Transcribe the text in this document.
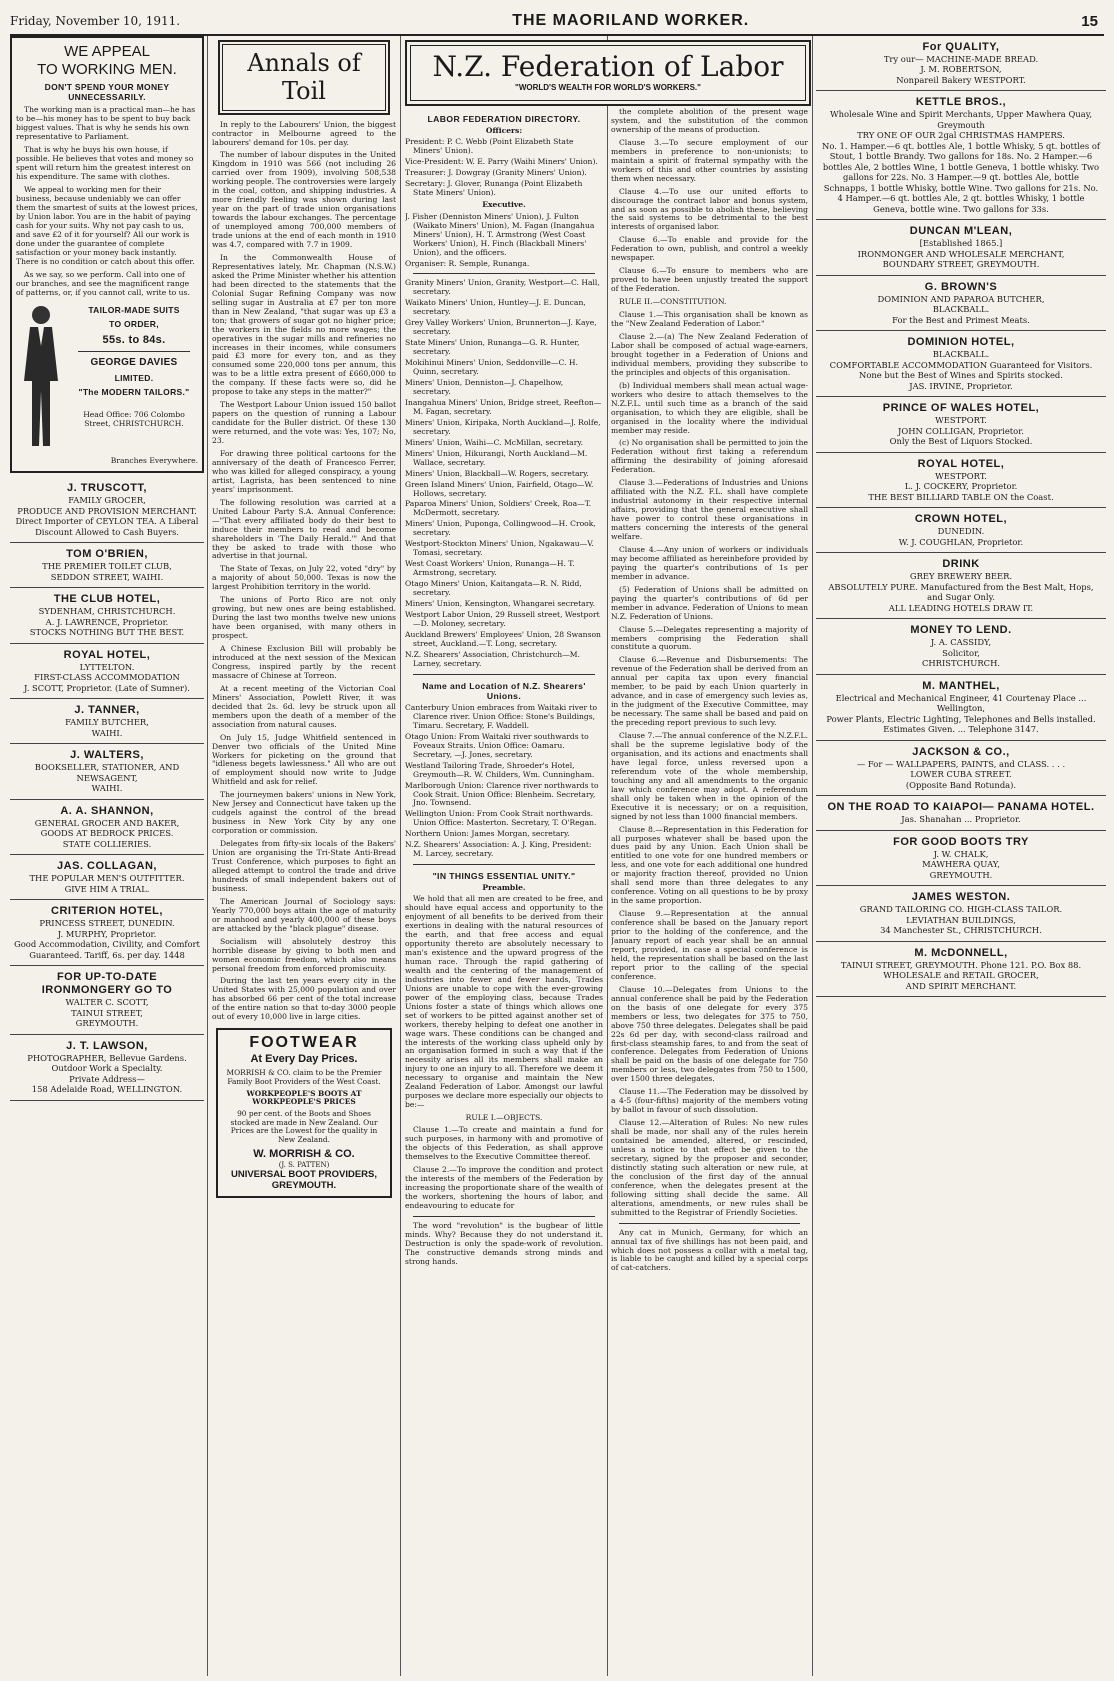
Friday, November 10, 1911.	THE MAORILAND WORKER.	15
WE APPEAL
TO WORKING MEN.
DON'T SPEND YOUR MONEY UNNECESSARILY.

The working man is a practical man—he has to be—his money has to be spent to buy back biggest values. That is why he sends his own representative to Parliament.

That is why he buys his own house, if possible. He believes that votes and money so spent will return him the greatest interest on his expenditure. The same with clothes.

We appeal to working men for their business, because undeniably we can offer them the smartest of suits at the lowest prices, by Union labor. You are in the habit of paying cash for your suits. Why not pay cash to us, and save £2 of it for yourself? All our work is done under the guarantee of complete satisfaction or your money back instantly. There is no condition or catch about this offer.

As we say, so we perform. Call into one of our branches, and see the magnificent range of patterns, or, if you cannot call, write to us.

TAILOR-MADE SUITS
TO ORDER,
55s. to 84s.
GEORGE DAVIES
LIMITED.
"The MODERN TAILORS."
Head Office: 706 Colombo Street, CHRISTCHURCH.
Branches Everywhere.
J. TRUSCOTT,
FAMILY GROCER,
PRODUCE AND PROVISION MERCHANT.
Direct Importer of CEYLON TEA. A Liberal Discount Allowed to Cash Buyers.
TOM O'BRIEN,
THE PREMIER TOILET CLUB,
SEDDON STREET, WAIHI.
THE CLUB HOTEL,
SYDENHAM, CHRISTCHURCH.
A. J. LAWRENCE, Proprietor.
STOCKS NOTHING BUT THE BEST.
ROYAL HOTEL,
LYTTELTON.
FIRST-CLASS ACCOMMODATION
J. SCOTT, Proprietor. (Late of Sumner).
J. TANNER,
FAMILY BUTCHER,
WAIHI.
J. WALTERS,
BOOKSELLER, STATIONER, AND NEWSAGENT,
WAIHI.
A. A. SHANNON,
GENERAL GROCER AND BAKER,
GOODS AT BEDROCK PRICES.
STATE COLLIERIES.
JAS. COLLAGAN,
THE POPULAR MEN'S OUTFITTER.
GIVE HIM A TRIAL.
CRITERION HOTEL,
PRINCESS STREET, DUNEDIN.
J. MURPHY, Proprietor.
Good Accommodation, Civility, and Comfort Guaranteed. Tariff, 6s. per day. 1448
FOR UP-TO-DATE IRONMONGERY GO TO
WALTER C. SCOTT,
TAINUI STREET,
GREYMOUTH.
J. T. LAWSON,
PHOTOGRAPHER, Bellevue Gardens. Outdoor Work a Specialty.
Private Address—
158 Adelaide Road, WELLINGTON.
Annals of Toil

In reply to the Labourers' Union, the biggest contractor in Melbourne agreed to the labourers' demand for 10s. per day.

The number of labour disputes in the United Kingdom in 1910 was 566 (not including 26 carried over from 1909), involving 508,538 working people. The controversies were largely in the coal, cotton, and shipping industries. A more friendly feeling was shown during last year on the part of trade union organisations towards the labour exchanges. The percentage of unemployed among 700,000 members of trade unions at the end of each month in 1910 was 4.7, compared with 7.7 in 1909.

In the Commonwealth House of Representatives lately, Mr. Chapman (N.S.W.) asked the Prime Minister whether his attention had been directed to the statements that the Colonial Sugar Refining Company was now selling sugar in Australia at £7 per ton more than in New Zealand, "that sugar was up £3 a ton; that growers of sugar got no higher price; the workers in the fields no more wages; the operatives in the sugar mills and refineries no increases in their incomes, while consumers paid £3 more for every ton, and as they consumed some 220,000 tons per annum, this was to be a little extra present of £660,000 to the company. If these facts were so, did he propose to take any steps in the matter?"

The Westport Labour Union issued 150 ballot papers on the question of running a Labour candidate for the Buller district. Of these 130 were returned, and the vote was: Yes, 107; No, 23.

For drawing three political cartoons for the anniversary of the death of Francesco Ferrer, who was killed for alleged conspiracy, a young artist, Lagrista, has been sentenced to nine years' imprisonment.

The following resolution was carried at a United Labour Party S.A. Annual Conference:—"That every affiliated body do their best to induce their members to read and become shareholders in 'The Daily Herald.'" And that they be asked to trade with those who advertise in that journal.

The State of Texas, on July 22, voted "dry" by a majority of about 50,000. Texas is now the largest Prohibition territory in the world.

The unions of Porto Rico are not only growing, but new ones are being established. During the last two months twelve new unions have been organised, with many others in prospect.

A Chinese Exclusion Bill will probably be introduced at the next session of the Mexican Congress, inspired partly by the recent massacre of Chinese at Torreon.

At a recent meeting of the Victorian Coal Miners' Association, Powlett River, it was decided that 2s. 6d. levy be struck upon all members upon the death of a member of the association from natural causes.

On July 15, Judge Whitfield sentenced in Denver two officials of the United Mine Workers for picketing on the ground that "idleness begets lawlessness." All who are out of employment should now write to Judge Whitfield and ask for relief.

The journeymen bakers' unions in New York, New Jersey and Connecticut have taken up the cudgels against the control of the bread business in New York City by any one corporation or commission.

Delegates from fifty-six locals of the Bakers' Union are organising the Tri-State Anti-Bread Trust Conference, which purposes to fight an alleged attempt to control the trade and drive hundreds of small independent bakers out of business.

The American Journal of Sociology says: Yearly 770,000 boys attain the age of maturity or manhood and yearly 400,000 of these boys are attacked by the "black plague" disease.

Socialism will absolutely destroy this horrible disease by giving to both men and women economic freedom, which also means personal freedom from enforced promiscuity.

During the last ten years every city in the United States with 25,000 population and over has absorbed 66 per cent of the total increase of the entire nation so that to-day 3000 people out of every 10,000 live in large cities.

FOOTWEAR
At Every Day Prices.
MORRISH & CO. claim to be the Premier Family Boot Providers of the West Coast.
WORKPEOPLE'S BOOTS AT WORKPEOPLE'S PRICES
90 per cent. of the Boots and Shoes stocked are made in New Zealand. Our Prices are the Lowest for the quality in New Zealand.
W. MORRISH & CO.
(J. S. PATTEN)
UNIVERSAL BOOT PROVIDERS,
GREYMOUTH.
N.Z. Federation of Labor
"WORLD'S WEALTH FOR WORLD'S WORKERS."
LABOR FEDERATION DIRECTORY.
Officers:

President: P. C. Webb (Point Elizabeth State Miners' Union).

Vice-President: W. E. Parry (Waihi Miners' Union).

Treasurer: J. Dowgray (Granity Miners' Union).

Secretary: J. Glover, Runanga (Point Elizabeth State Miners' Union).

Executive.

J. Fisher (Denniston Miners' Union), J. Fulton (Waikato Miners' Union), M. Fagan (Inangahua Miners' Union), H. T. Armstrong (West Coast Workers' Union), H. Finch (Blackball Miners' Union), and the officers.

Organiser: R. Semple, Runanga.

Granity Miners' Union, Granity, Westport—C. Hall, secretary.

Waikato Miners' Union, Huntley—J. E. Duncan, secretary.

Grey Valley Workers' Union, Brunnerton—J. Kaye, secretary.

State Miners' Union, Runanga—G. R. Hunter, secretary.

Mokihinui Miners' Union, Seddonville—C. H. Quinn, secretary.

Miners' Union, Denniston—J. Chapelhow, secretary.

Inangahua Miners' Union, Bridge street, Reefton—M. Fagan, secretary.

Miners' Union, Kiripaka, North Auckland—J. Rolfe, secretary.

Miners' Union, Waihi—C. McMillan, secretary.

Miners' Union, Hikurangi, North Auckland—M. Wallace, secretary.

Miners' Union, Blackball—W. Rogers, secretary.

Green Island Miners' Union, Fairfield, Otago—W. Hollows, secretary.

Paparoa Miners' Union, Soldiers' Creek, Roa—T. McDermott, secretary.

Miners' Union, Puponga, Collingwood—H. Crook, secretary.

Westport-Stockton Miners' Union, Ngakawau—V. Tomasi, secretary.

West Coast Workers' Union, Runanga—H. T. Armstrong, secretary.

Otago Miners' Union, Kaitangata—R. N. Ridd, secretary.

Miners' Union, Kensington, Whangarei secretary.

Westport Labor Union, 29 Russell street, Westport—D. Moloney, secretary.

Auckland Brewers' Employees' Union, 28 Swanson street, Auckland.—T. Long, secretary.

N.Z. Shearers' Association, Christchurch—M. Larney, secretary.

Name and Location of N.Z. Shearers' Unions.

Canterbury Union embraces from Waitaki river to Clarence river. Union Office: Stone's Buildings, Timaru. Secretary, F. Waddell.

Otago Union: From Waitaki river southwards to Foveaux Straits. Union Office: Oamaru. Secretary, —J. Jones, secretary.

Westland Tailoring Trade, Shroeder's Hotel, Greymouth—R. W. Childers, Wm. Cunningham.

Marlborough Union: Clarence river northwards to Cook Strait. Union Office: Blenheim. Secretary, Jno. Townsend.

Wellington Union: From Cook Strait northwards. Union Office: Masterton. Secretary, T. O'Regan.

Northern Union: James Morgan, secretary.

N.Z. Shearers' Association: A. J. King, President: M. Larcey, secretary.

"IN THINGS ESSENTIAL UNITY."
Preamble.

We hold that all men are created to be free, and should have equal access and opportunity to the enjoyment of all benefits to be derived from their exertions in dealing with the natural resources of the earth, and that free access and equal opportunity thereto are absolutely necessary to man's existence and the upward progress of the human race. Through the rapid gathering of wealth and the centering of the management of industries into fewer and fewer hands, Trades Unions are unable to cope with the ever-growing power of the employing class, because Trades Unions foster a state of things which allows one set of workers to be pitted against another set of workers, thereby helping to defeat one another in wage wars. These conditions can be changed and the interests of the working class upheld only by an organisation formed in such a way that if the necessity arises all its members shall make an injury to one an injury to all. Therefore we deem it necessary to organise and maintain the New Zealand Federation of Labor. Amongst our lawful purposes we declare more especially our objects to be:—

RULE I.—OBJECTS.

Clause 1.—To create and maintain a fund for such purposes, in harmony with and promotive of the objects of this Federation, as shall approve themselves to the Executive Committee thereof.

Clause 2.—To improve the condition and protect the interests of the members of the Federation by increasing the proportionate share of the wealth of the workers, shortening the hours of labor, and endeavouring to educate for

The word "revolution" is the bugbear of little minds. Why? Because they do not understand it. Destruction is only the spade-work of revolution. The constructive demands strong minds and strong hands.

the complete abolition of the present wage system, and the substitution of the common ownership of the means of production.

Clause 3.—To secure employment of our members in preference to non-unionists; to maintain a spirit of fraternal sympathy with the workers of this and other countries by assisting them when necessary.

Clause 4.—To use our united efforts to discourage the contract labor and bonus system, and as soon as possible to abolish these, believing the said systems to be detrimental to the best interests of organised labor.

Clause 6.—To enable and provide for the Federation to own, publish, and control a weekly newspaper.

Clause 6.—To ensure to members who are proved to have been unjustly treated the support of the Federation.

RULE II.—CONSTITUTION.

Clause 1.—This organisation shall be known as the "New Zealand Federation of Labor."

Clause 2.—(a) The New Zealand Federation of Labor shall be composed of actual wage-earners, brought together in a Federation of Unions and individual members, providing they subscribe to the principles and objects of this organisation.

(b) Individual members shall mean actual wage-workers who desire to attach themselves to the N.Z.F.L. until such time as a branch of the said organisation, to which they are eligible, shall be organised in the locality where the individual member may reside.

(c) No organisation shall be permitted to join the Federation without first taking a referendum affirming the desirability of joining aforesaid Federation.

Clause 3.—Federations of Industries and Unions affiliated with the N.Z. F.L. shall have complete industrial autonomy in their respective internal affairs, providing that the general executive shall have power to control these organisations in matters concerning the interests of the general welfare.

Clause 4.—Any union of workers or individuals may become affiliated as hereinbefore provided by paying the quarter's contributions of 1s per member in advance.

(5) Federation of Unions shall be admitted on paying the quarter's contributions of 6d per member in advance. Federation of Unions to mean N.Z. Federation of Unions.

Clause 5.—Delegates representing a majority of members comprising the Federation shall constitute a quorum.

Clause 6.—Revenue and Disbursements: The revenue of the Federation shall be derived from an annual per capita tax upon every financial member, to be paid by each Union quarterly in advance, and in case of emergency such levies as, in the judgment of the Executive Committee, may be necessary. The same shall be based and paid on the preceding report previous to such levy.

Clause 7.—The annual conference of the N.Z.F.L. shall be the supreme legislative body of the organisation, and its actions and enactments shall have legal force, unless reversed upon a referendum vote of the whole membership, touching any and all amendments to the organic law which conference may adopt. A referendum shall only be taken when in the opinion of the Executive it is necessary; or on a requisition, signed by not less than 1000 financial members.

Clause 8.—Representation in this Federation for all purposes whatever shall be based upon the dues paid by any Union. Each Union shall be entitled to one vote for one hundred members or less, and one vote for each additional one hundred or majority fraction thereof, provided no Union shall send more than three delegates to any conference. Voting on all questions to be by proxy in the same proportion.

Clause 9.—Representation at the annual conference shall be based on the January report prior to the holding of the conference, and the January report of each year shall be an annual report, provided, in case a special conference is held, the representation shall be based on the last report prior to the calling of the special conference.

Clause 10.—Delegates from Unions to the annual conference shall be paid by the Federation on the basis of one delegate for every 375 members or less, two delegates for 375 to 750, above 750 three delegates. Delegates shall be paid 22s 6d per day, with second-class railroad and first-class steamship fares, to and from the seat of conference. Delegates from Federation of Unions shall be paid on the basis of one delegate for 750 members or less, two delegates from 750 to 1500, over 1500 three delegates.

Clause 11.—The Federation may be dissolved by a 4-5 (four-fifths) majority of the members voting by ballot in favour of such dissolution.

Clause 12.—Alteration of Rules: No new rules shall be made, nor shall any of the rules herein contained be amended, altered, or rescinded, unless a notice to that effect be given to the secretary, signed by the proposer and seconder, distinctly stating such alteration or new rule, at the conclusion of the first day of the annual conference, when the delegates present at the following sitting shall decide the same. All alterations, amendments, or new rules shall be submitted to the Registrar of Friendly Societies.

Any cat in Munich, Germany, for which an annual tax of five shillings has not been paid, and which does not possess a collar with a metal tag, is liable to be caught and killed by a special corps of cat-catchers.

For QUALITY,
Try our— MACHINE-MADE BREAD.
J. M. ROBERTSON,
Nonpareil Bakery WESTPORT.
KETTLE BROS.,
Wholesale Wine and Spirit Merchants, Upper Mawhera Quay, Greymouth
TRY ONE OF OUR 2gal CHRISTMAS HAMPERS.
No. 1. Hamper.—6 qt. bottles Ale, 1 bottle Whisky, 5 qt. bottles of Stout, 1 bottle Brandy. Two gallons for 18s. No. 2 Hamper.—6 bottles Ale, 2 bottles Wine, 1 bottle Geneva, 1 bottle whisky. Two gallons for 22s. No. 3 Hamper.—9 qt. bottles Ale, bottle Schnapps, 1 bottle Whisky, bottle Wine. Two gallons for 21s. No. 4 Hamper.—6 qt. bottles Ale, 2 qt. bottles Whisky, 1 bottle Geneva, bottle wine. Two gallons for 33s.
DUNCAN M'LEAN,
[Established 1865.]
IRONMONGER AND WHOLESALE MERCHANT,
BOUNDARY STREET, GREYMOUTH.
G. BROWN'S
DOMINION AND PAPAROA BUTCHER,
BLACKBALL.
For the Best and Primest Meats.
DOMINION HOTEL,
BLACKBALL.
COMFORTABLE ACCOMMODATION Guaranteed for Visitors. None but the Best of Wines and Spirits stocked.
JAS. IRVINE, Proprietor.
PRINCE OF WALES HOTEL,
WESTPORT.
JOHN COLLIGAN, Proprietor.
Only the Best of Liquors Stocked.
ROYAL HOTEL,
WESTPORT.
L. J. COCKERY, Proprietor.
THE BEST BILLIARD TABLE ON the Coast.
CROWN HOTEL,
DUNEDIN.
W. J. COUGHLAN, Proprietor.
DRINK
GREY BREWERY BEER.
ABSOLUTELY PURE. Manufactured from the Best Malt, Hops, and Sugar Only.
ALL LEADING HOTELS DRAW IT.
MONEY TO LEND.
J. A. CASSIDY,
Solicitor,
CHRISTCHURCH.
M. MANTHEL,
Electrical and Mechanical Engineer, 41 Courtenay Place ... Wellington,
Power Plants, Electric Lighting, Telephones and Bells installed.
Estimates Given. ... Telephone 3147.
JACKSON & CO.,
— For — WALLPAPERS, PAINTS, and CLASS. . . .
LOWER CUBA STREET.
(Opposite Band Rotunda).
ON THE ROAD TO KAIAPOI— PANAMA HOTEL.
Jas. Shanahan ... Proprietor.
FOR GOOD BOOTS TRY
J. W. CHALK,
MAWHERA QUAY,
GREYMOUTH.
JAMES WESTON.
GRAND TAILORING CO. HIGH-CLASS TAILOR.
LEVIATHAN BUILDINGS,
34 Manchester St., CHRISTCHURCH.
M. McDONNELL,
TAINUI STREET, GREYMOUTH. Phone 121. P.O. Box 88.
WHOLESALE and RETAIL GROCER,
AND SPIRIT MERCHANT.
